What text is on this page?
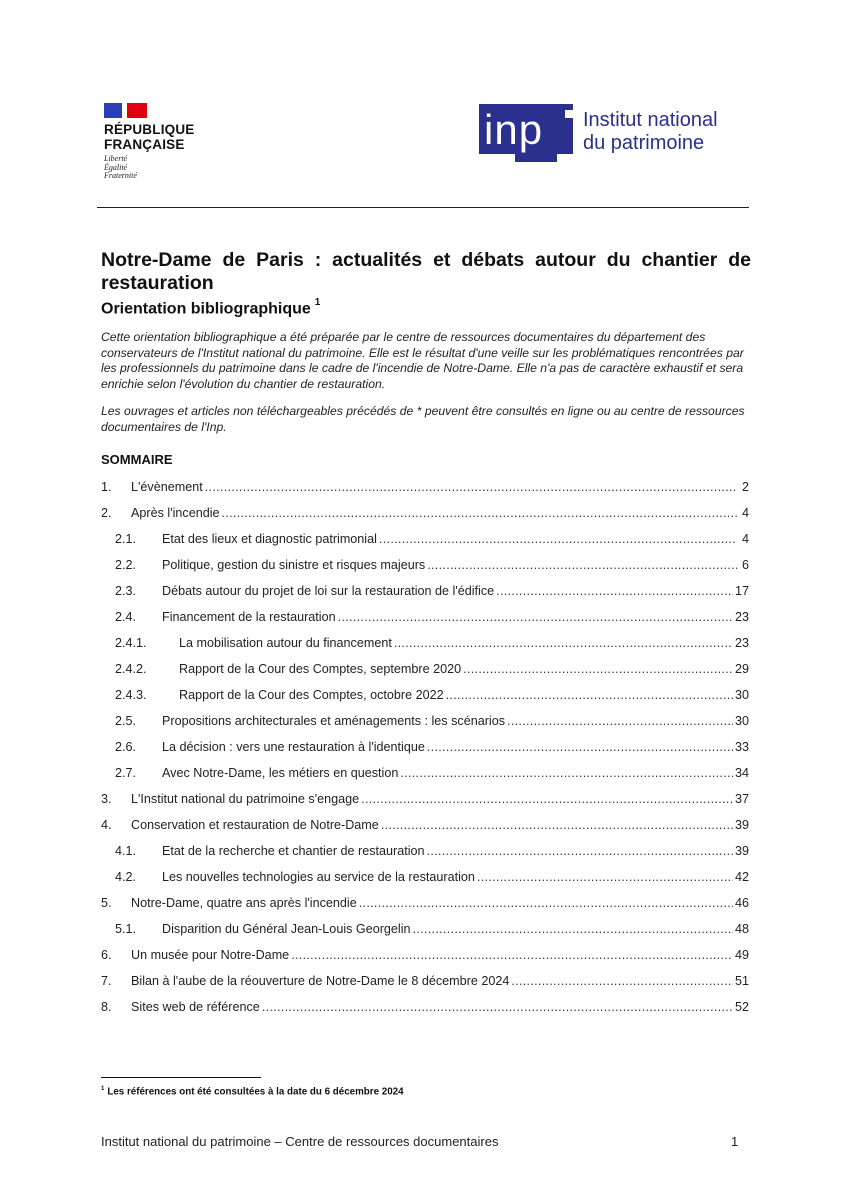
RÉPUBLIQUE
FRANÇAISE
Liberté
Égalité
Fraternité
inp Institut national
du patrimoine
Notre-Dame de Paris : actualités et débats autour du chantier de
restauration
Orientation bibliographique $^1$
Cette orientation bibliographique a été préparée par le centre de ressources documentaires du département des conservateurs de l'Institut national du patrimoine. Elle est le résultat d'une veille sur les problématiques rencontrées par les professionnels du patrimoine dans le cadre de l'incendie de Notre-Dame. Elle n'a pas de caractère exhaustif et sera enrichie selon l'évolution du chantier de restauration.
Les ouvrages et articles non téléchargeables précédés de * peuvent être consultés en ligne ou au centre de ressources documentaires de l'Inp.
SOMMAIRE
1.	L'évènement .....	2
2.	Après l'incendie .....	4
2.1.	Etat des lieux et diagnostic patrimonial .....	4
2.2.	Politique, gestion du sinistre et risques majeurs .....	6
2.3.	Débats autour du projet de loi sur la restauration de l'édifice .....	17
2.4.	Financement de la restauration .....	23
2.4.1.	La mobilisation autour du financement .....	23
2.4.2.	Rapport de la Cour des Comptes, septembre 2020 .....	29
2.4.3.	Rapport de la Cour des Comptes, octobre 2022 .....	30
2.5.	Propositions architecturales et aménagements : les scénarios .....	30
2.6.	La décision : vers une restauration à l'identique .....	33
2.7.	Avec Notre-Dame, les métiers en question .....	34
3.	L'Institut national du patrimoine s'engage .....	37
4.	Conservation et restauration de Notre-Dame .....	39
4.1.	Etat de la recherche et chantier de restauration .....	39
4.2.	Les nouvelles technologies au service de la restauration .....	42
5.	Notre-Dame, quatre ans après l'incendie .....	46
5.1.	Disparition du Général Jean-Louis Georgelin .....	48
6.	Un musée pour Notre-Dame .....	49
7.	Bilan à l'aube de la réouverture de Notre-Dame le 8 décembre 2024 .....	51
8.	Sites web de référence .....	52
$^1$ Les références ont été consultées à la date du 6 décembre 2024
Institut national du patrimoine – Centre de ressources documentaires	1
